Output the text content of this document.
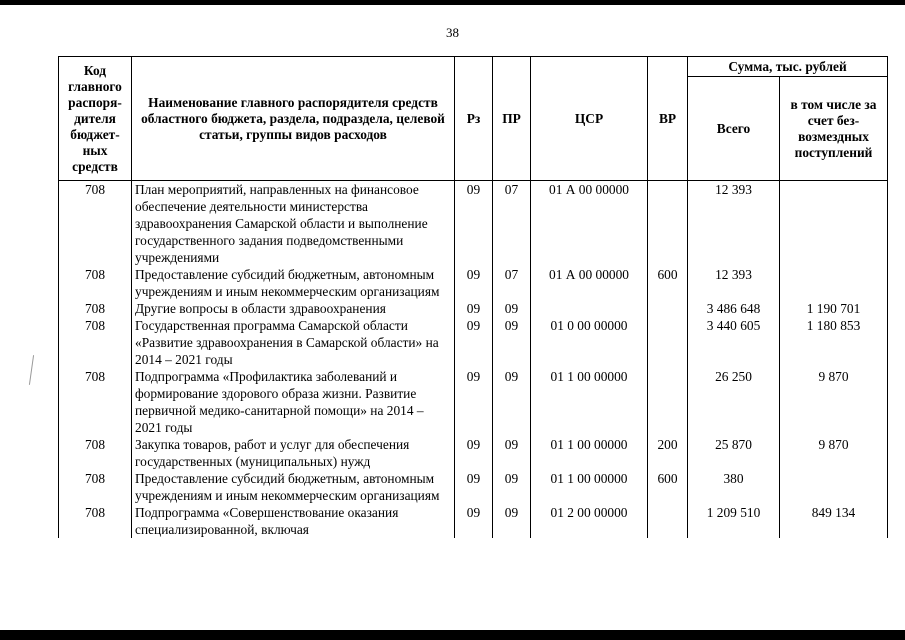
38
Код главного распоря-дителя бюджет-ных средств	Наименование главного распорядителя средств областного бюджета, раздела, подраздела, целевой статьи, группы видов расходов	Рз	ПР	ЦСР	ВР	Сумма, тыс. рублей	
						Всего	в том числе за счет без-возмездных поступлений
708	План мероприятий, направленных на финансовое обеспечение деятельности министерства здравоохранения Самарской области и выполнение государственного задания подведомственными учреждениями	09	07	01 А 00 00000		12 393	
708	Предоставление субсидий бюджетным, автономным учреждениям и иным некоммерческим организациям	09	07	01 А 00 00000	600	12 393	
708	Другие вопросы в области здравоохранения	09	09			3 486 648	1 190 701
708	Государственная программа Самарской области «Развитие здравоохранения в Самарской области» на 2014 – 2021 годы	09	09	01 0 00 00000		3 440 605	1 180 853
708	Подпрограмма «Профилактика заболеваний и формирование здорового образа жизни. Развитие первичной медико-санитарной помощи» на 2014 – 2021 годы	09	09	01 1 00 00000		26 250	9 870
708	Закупка товаров, работ и услуг для обеспечения государственных (муниципальных) нужд	09	09	01 1 00 00000	200	25 870	9 870
708	Предоставление субсидий бюджетным, автономным учреждениям и иным некоммерческим организациям	09	09	01 1 00 00000	600	380	
708	Подпрограмма «Совершенствование оказания специализированной, включая	09	09	01 2 00 00000		1 209 510	849 134
